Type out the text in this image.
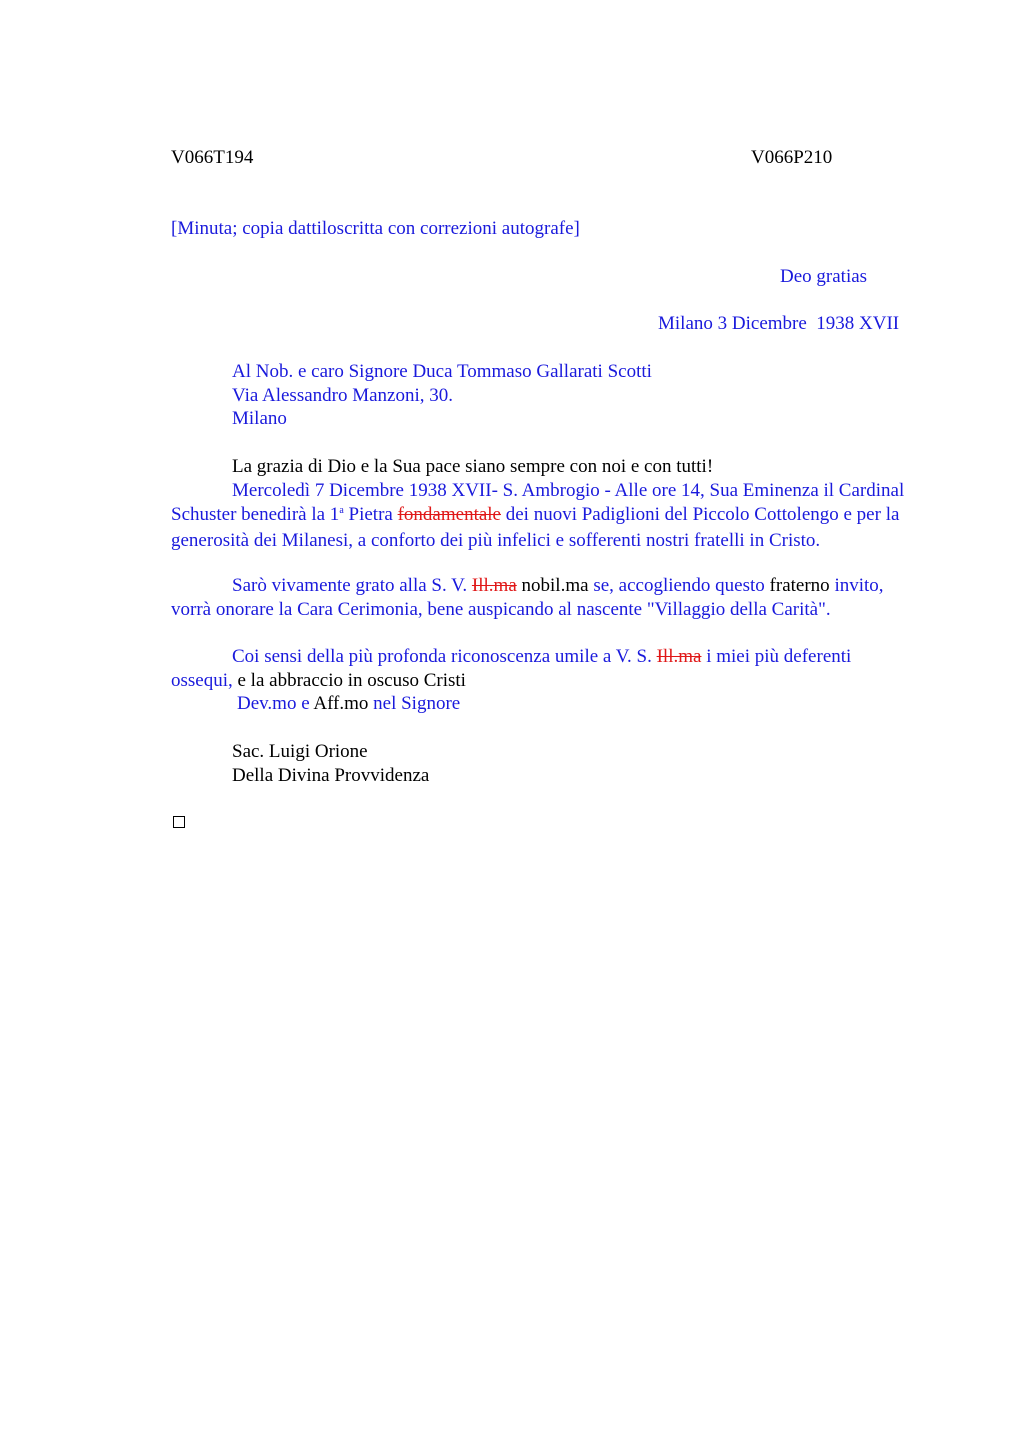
V066T194	V066P210
[Minuta; copia dattiloscritta con correzioni autografe]
Deo gratias
Milano 3 Dicembre  1938 XVII
Al Nob. e caro Signore Duca Tommaso Gallarati Scotti
Via Alessandro Manzoni, 30.
Milano
La grazia di Dio e la Sua pace siano sempre con noi e con tutti!
Mercoledì 7 Dicembre 1938 XVII- S. Ambrogio - Alle ore 14, Sua Eminenza il Cardinal Schuster benedirà la 1$^a$ Pietra fondamentale dei nuovi Padiglioni del Piccolo Cottolengo e per la generosità dei Milanesi, a conforto dei più infelici e sofferenti nostri fratelli in Cristo.
Sarò vivamente grato alla S. V. Ill.ma nobil.ma se, accogliendo questo fraterno invito, vorrà onorare la Cara Cerimonia, bene auspicando al nascente "Villaggio della Carità".
Coi sensi della più profonda riconoscenza umile a V. S. Ill.ma i miei più deferenti ossequi, e la abbraccio in oscuso Cristi
Dev.mo e Aff.mo nel Signore
Sac. Luigi Orione
Della Divina Provvidenza
